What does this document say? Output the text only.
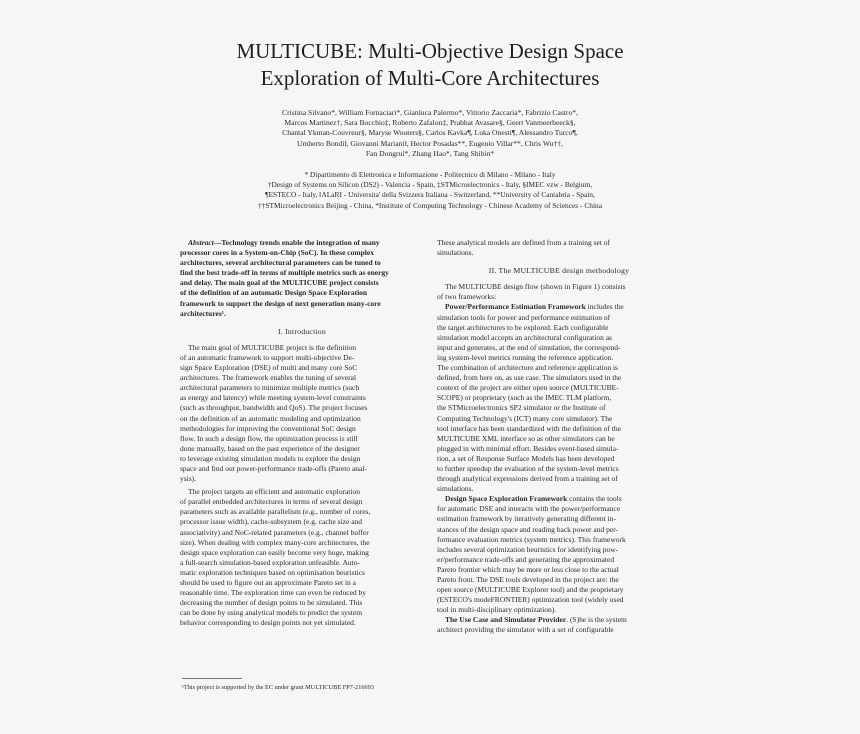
MULTICUBE: Multi-Objective Design Space
Exploration of Multi-Core Architectures
Cristina Silvano*, William Fornaciari*, Gianluca Palermo*, Vittorio Zaccaria*, Fabrizio Castro*,
Marcos Martinez†, Sara Bocchio‡, Roberto Zafalon‡, Prabhat Avasare§, Geert Vanmeerbeeck§,
Chantal Ykman-Couvreur§, Maryse Wouters§, Carlos Kavka¶, Luka Onesti¶, Alessandro Turco¶,
Umberto Bondi‖, Giovanni Mariani‖, Hector Posadas**, Eugenio Villar**, Chris Wu††,
Fan Dongrui*, Zhang Hao*, Tang Shibin*
* Dipartimento di Elettronica e Informazione - Politecnico di Milano - Milano - Italy
†Design of Systems on Silicon (DS2) - Valencia - Spain, ‡STMicroelectronics - Italy, §IMEC vzw - Belgium,
¶ESTECO - Italy, ‖ALaRI - Universita' della Svizzera Italiana - Switzerland, **University of Cantabria - Spain,
††STMicroelectronics Beijing - China, *Institute of Computing Technology - Chinese Academy of Sciences - China

Abstract—Technology trends enable the integration of many
processor cores in a System-on-Chip (SoC). In these complex
architectures, several architectural parameters can be tuned to
find the best trade-off in terms of multiple metrics such as energy
and delay. The main goal of the MULTICUBE project consists
of the definition of an automatic Design Space Exploration
framework to support the design of next generation many-core
architectures¹.

I. Introduction

The main goal of MULTICUBE project is the definition
of an automatic framework to support multi-objective De-
sign Space Exploration (DSE) of multi and many core SoC
architectures. The framework enables the tuning of several
architectural parameters to minimize multiple metrics (such
as energy and latency) while meeting system-level constraints
(such as throughput, bandwidth and QoS). The project focuses
on the definition of an automatic modeling and optimization
methodologies for improving the conventional SoC design
flow. In such a design flow, the optimization process is still
done manually, based on the past experience of the designer
to leverage existing simulation models to explore the design
space and find out power-performance trade-offs (Pareto anal-
ysis).

The project targets an efficient and automatic exploration
of parallel embedded architectures in terms of several design
parameters such as available parallelism (e.g., number of cores,
processor issue width), cache-subsystem (e.g. cache size and
associativity) and NoC-related parameters (e.g., channel buffer
size). When dealing with complex many-core architectures, the
design space exploration can easily become very huge, making
a full-search simulation-based exploration unfeasible. Auto-
matic exploration techniques based on optimisation heuristics
should be used to figure out an approximate Pareto set in a
reasonable time. The exploration time can even be reduced by
decreasing the number of design points to be simulated. This
can be done by using analytical models to predict the system
behavior corresponding to design points not yet simulated.

¹This project is supported by the EC under grant MULTICUBE FP7-216693

These analytical models are defined from a training set of
simulations.

II. The MULTICUBE design methodology

The MULTICUBE design flow (shown in Figure 1) consists
of two frameworks:

Power/Performance Estimation Framework includes the
simulation tools for power and performance estimation of
the target architectures to be explored. Each configurable
simulation model accepts an architectural configuration as
input and generates, at the end of simulation, the correspond-
ing system-level metrics running the reference application.
The combination of architecture and reference application is
defined, from here on, as use case. The simulators used in the
context of the project are either open source (MULTICUBE-
SCOPE) or proprietary (such as the IMEC TLM platform,
the STMicroelectronics SP2 simulator or the Institute of
Computing Technology's (ICT) many core simulator). The
tool interface has been standardized with the definition of the
MULTICUBE XML interface so as other simulators can be
plugged in with minimal effort. Besides event-based simula-
tion, a set of Response Surface Models has been developed
to further speedup the evaluation of the system-level metrics
through analytical expressions derived from a training set of
simulations.

Design Space Exploration Framework contains the tools
for automatic DSE and interacts with the power/performance
estimation framework by iteratively generating different in-
stances of the design space and reading back power and per-
formance evaluation metrics (system metrics). This framework
includes several optimization heuristics for identifying pow-
er/performance trade-offs and generating the approximated
Pareto frontier which may be more or less close to the actual
Pareto front. The DSE tools developed in the project are: the
open source (MULTICUBE Explorer tool) and the proprietary
(ESTECO's modeFRONTIER) optimization tool (widely used
tool in multi-disciplinary optimization).

The Use Case and Simulator Provider. (S)he is the system
architect providing the simulator with a set of configurable
